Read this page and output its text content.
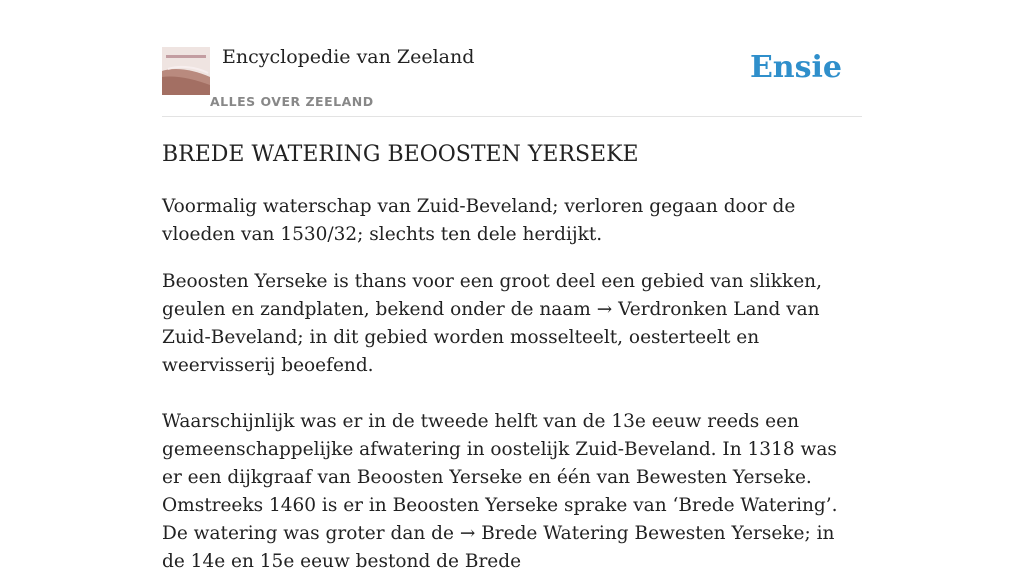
Encyclopedie van Zeeland
ALLES OVER ZEELAND
Ensie
BREDE WATERING BEOOSTEN YERSEKE

Voormalig waterschap van Zuid-Beveland; verloren gegaan door de vloeden van 1530/32; slechts ten dele herdijkt.

Beoosten Yerseke is thans voor een groot deel een gebied van slikken, geulen en zandplaten, bekend onder de naam → Verdronken Land van Zuid-Beveland; in dit gebied worden mosselteelt, oesterteelt en weervisserij beoefend.

Waarschijnlijk was er in de tweede helft van de 13e eeuw reeds een gemeenschappelijke afwatering in oostelijk Zuid-Beveland. In 1318 was er een dijkgraaf van Beoosten Yerseke en één van Bewesten Yerseke. Omstreeks 1460 is er in Beoosten Yerseke sprake van ‘Brede Watering’. De watering was groter dan de → Brede Watering Bewesten Yerseke; in de 14e en 15e eeuw bestond de Brede
